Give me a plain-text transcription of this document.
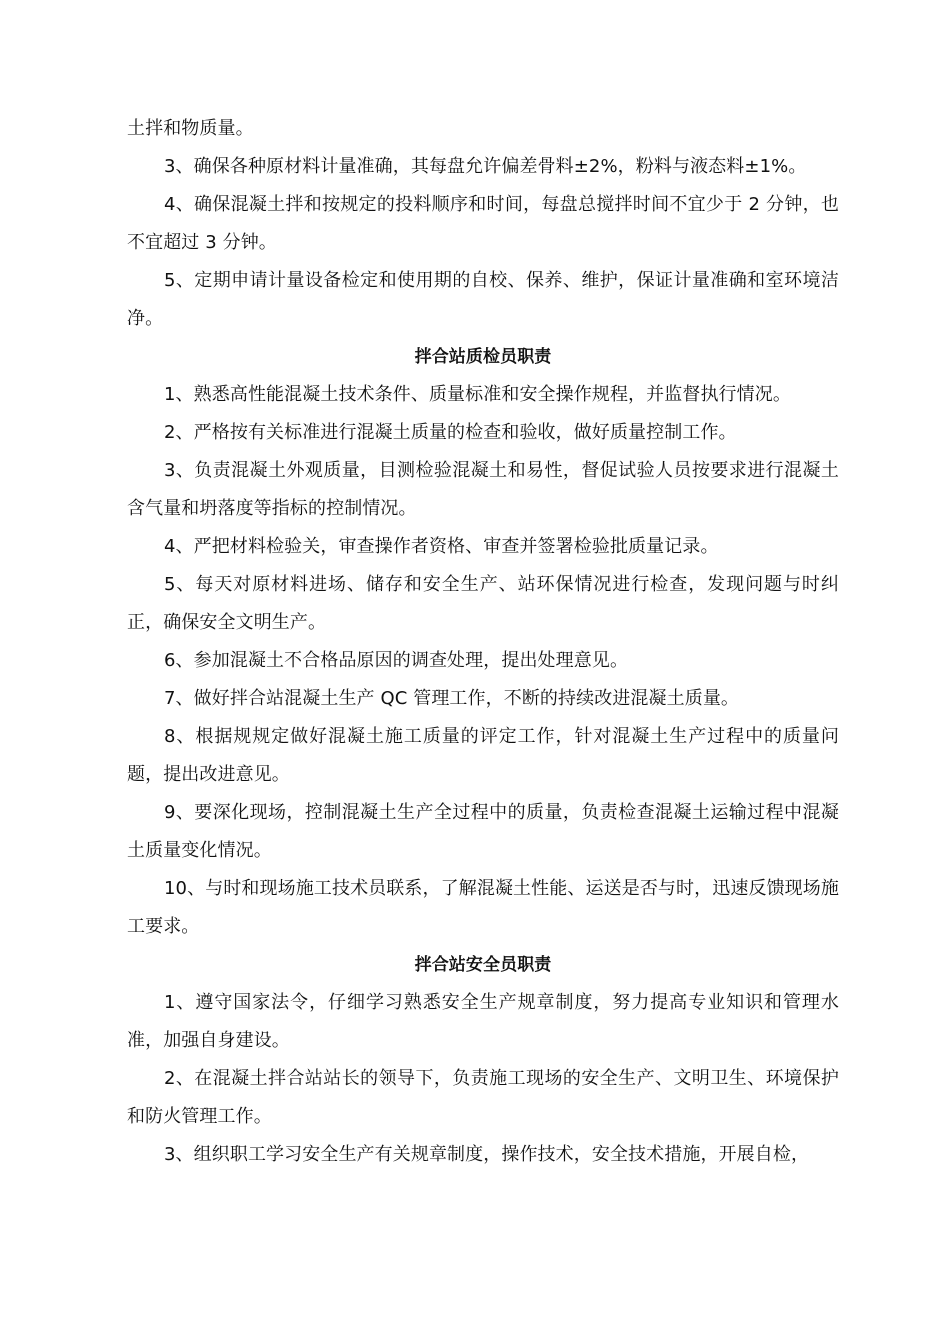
土拌和物质量。

3、确保各种原材料计量准确，其每盘允许偏差骨料±2%，粉料与液态料±1%。

4、确保混凝土拌和按规定的投料顺序和时间，每盘总搅拌时间不宜少于 2 分钟，也不宜超过 3 分钟。

5、定期申请计量设备检定和使用期的自校、保养、维护，保证计量准确和室环境洁净。

拌合站质检员职责

1、熟悉高性能混凝土技术条件、质量标准和安全操作规程，并监督执行情况。

2、严格按有关标准进行混凝土质量的检查和验收，做好质量控制工作。

3、负责混凝土外观质量，目测检验混凝土和易性，督促试验人员按要求进行混凝土含气量和坍落度等指标的控制情况。

4、严把材料检验关，审查操作者资格、审查并签署检验批质量记录。

5、每天对原材料进场、储存和安全生产、站环保情况进行检查，发现问题与时纠正，确保安全文明生产。

6、参加混凝土不合格品原因的调查处理，提出处理意见。

7、做好拌合站混凝土生产 QC 管理工作，不断的持续改进混凝土质量。

8、根据规规定做好混凝土施工质量的评定工作，针对混凝土生产过程中的质量问题，提出改进意见。

9、要深化现场，控制混凝土生产全过程中的质量，负责检查混凝土运输过程中混凝土质量变化情况。

10、与时和现场施工技术员联系，了解混凝土性能、运送是否与时，迅速反馈现场施工要求。

拌合站安全员职责

1、遵守国家法令，仔细学习熟悉安全生产规章制度，努力提高专业知识和管理水准，加强自身建设。

2、在混凝土拌合站站长的领导下，负责施工现场的安全生产、文明卫生、环境保护和防火管理工作。

3、组织职工学习安全生产有关规章制度，操作技术，安全技术措施，开展自检，
